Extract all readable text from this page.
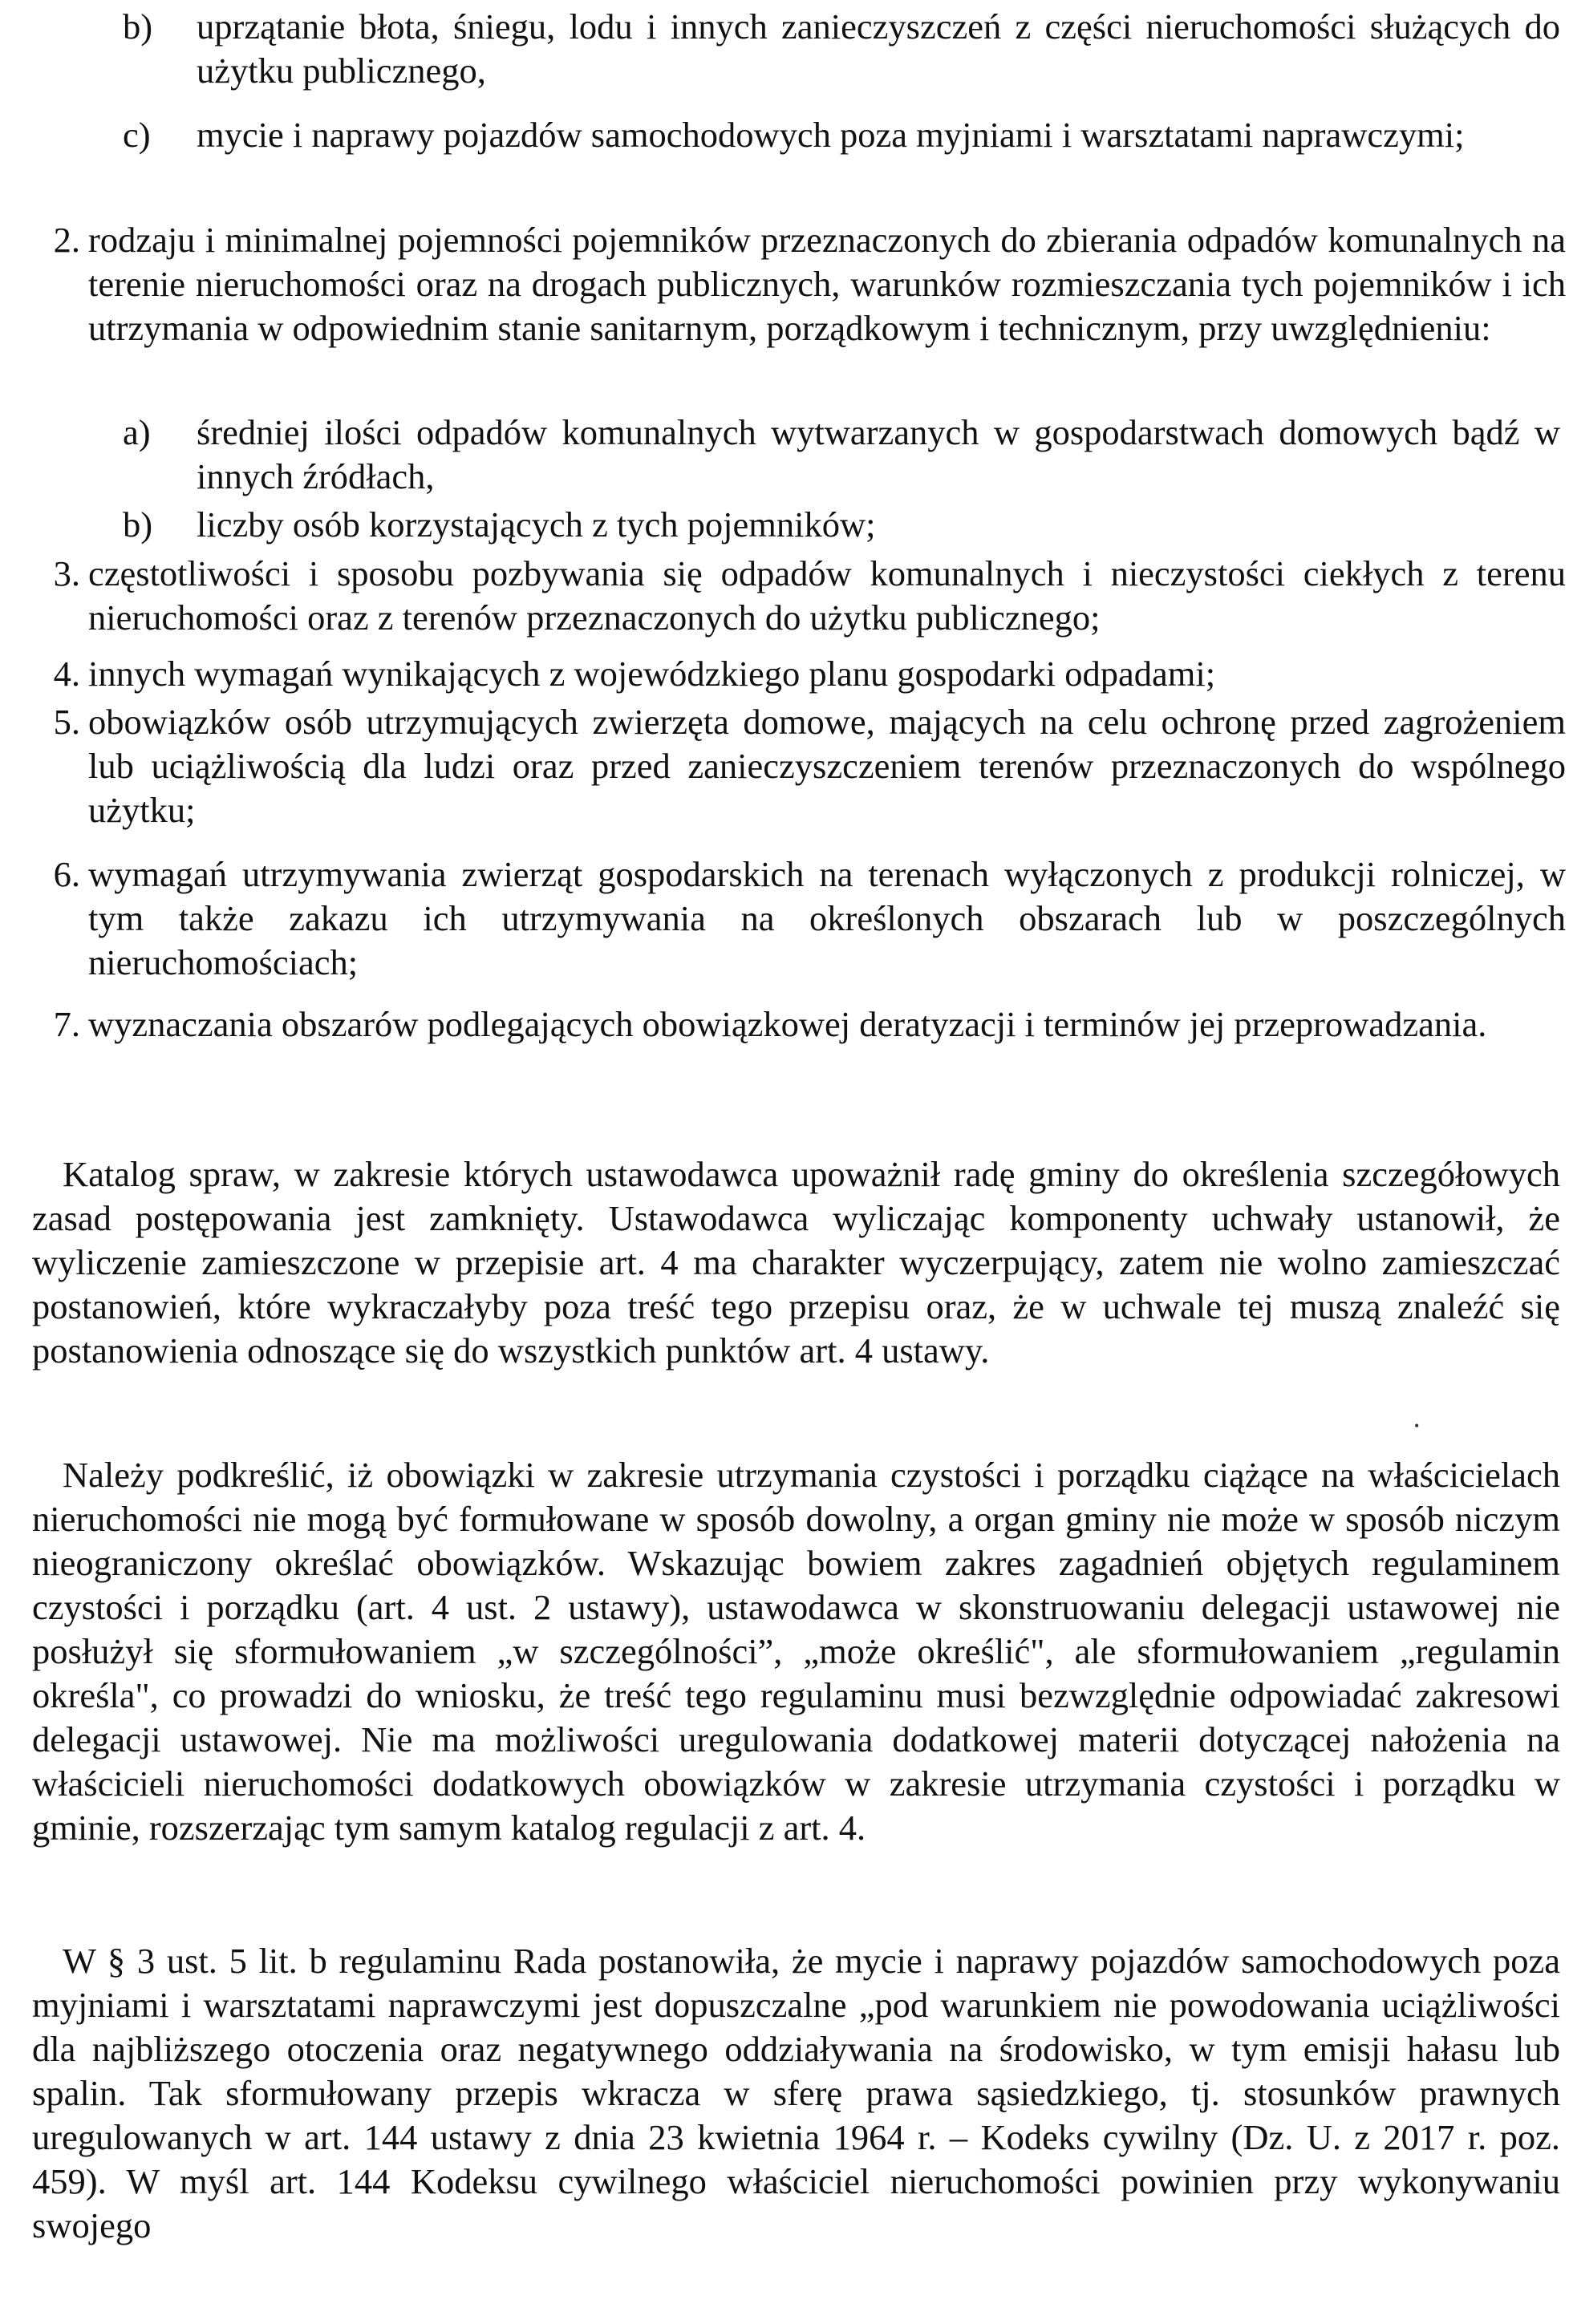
b) uprzątanie błota, śniegu, lodu i innych zanieczyszczeń z części nieruchomości służących do użytku publicznego,
c) mycie i naprawy pojazdów samochodowych poza myjniami i warsztatami naprawczymi;
2. rodzaju i minimalnej pojemności pojemników przeznaczonych do zbierania odpadów komunalnych na terenie nieruchomości oraz na drogach publicznych, warunków rozmieszczania tych pojemników i ich utrzymania w odpowiednim stanie sanitarnym, porządkowym i technicznym, przy uwzględnieniu:
a) średniej ilości odpadów komunalnych wytwarzanych w gospodarstwach domowych bądź w innych źródłach,
b) liczby osób korzystających z tych pojemników;
3. częstotliwości i sposobu pozbywania się odpadów komunalnych i nieczystości ciekłych z terenu nieruchomości oraz z terenów przeznaczonych do użytku publicznego;
4. innych wymagań wynikających z wojewódzkiego planu gospodarki odpadami;
5. obowiązków osób utrzymujących zwierzęta domowe, mających na celu ochronę przed zagrożeniem lub uciążliwością dla ludzi oraz przed zanieczyszczeniem terenów przeznaczonych do wspólnego użytku;
6. wymagań utrzymywania zwierząt gospodarskich na terenach wyłączonych z produkcji rolniczej, w tym także zakazu ich utrzymywania na określonych obszarach lub w poszczególnych nieruchomościach;
7. wyznaczania obszarów podlegających obowiązkowej deratyzacji i terminów jej przeprowadzania.
Katalog spraw, w zakresie których ustawodawca upoważnił radę gminy do określenia szczegółowych zasad postępowania jest zamknięty. Ustawodawca wyliczając komponenty uchwały ustanowił, że wyliczenie zamieszczone w przepisie art. 4 ma charakter wyczerpujący, zatem nie wolno zamieszczać postanowień, które wykraczałyby poza treść tego przepisu oraz, że w uchwale tej muszą znaleźć się postanowienia odnoszące się do wszystkich punktów art. 4 ustawy.
Należy podkreślić, iż obowiązki w zakresie utrzymania czystości i porządku ciążące na właścicielach nieruchomości nie mogą być formułowane w sposób dowolny, a organ gminy nie może w sposób niczym nieograniczony określać obowiązków. Wskazując bowiem zakres zagadnień objętych regulaminem czystości i porządku (art. 4 ust. 2 ustawy), ustawodawca w skonstruowaniu delegacji ustawowej nie posłużył się sformułowaniem „w szczególności”, „może określić", ale sformułowaniem „regulamin określa", co prowadzi do wniosku, że treść tego regulaminu musi bezwzględnie odpowiadać zakresowi delegacji ustawowej. Nie ma możliwości uregulowania dodatkowej materii dotyczącej nałożenia na właścicieli nieruchomości dodatkowych obowiązków w zakresie utrzymania czystości i porządku w gminie, rozszerzając tym samym katalog regulacji z art. 4.
W § 3 ust. 5 lit. b regulaminu Rada postanowiła, że mycie i naprawy pojazdów samochodowych poza myjniami i warsztatami naprawczymi jest dopuszczalne „pod warunkiem nie powodowania uciążliwości dla najbliższego otoczenia oraz negatywnego oddziaływania na środowisko, w tym emisji hałasu lub spalin. Tak sformułowany przepis wkracza w sferę prawa sąsiedzkiego, tj. stosunków prawnych uregulowanych w art. 144 ustawy z dnia 23 kwietnia 1964 r. – Kodeks cywilny (Dz. U. z 2017 r. poz. 459). W myśl art. 144 Kodeksu cywilnego właściciel nieruchomości powinien przy wykonywaniu swojego
•
